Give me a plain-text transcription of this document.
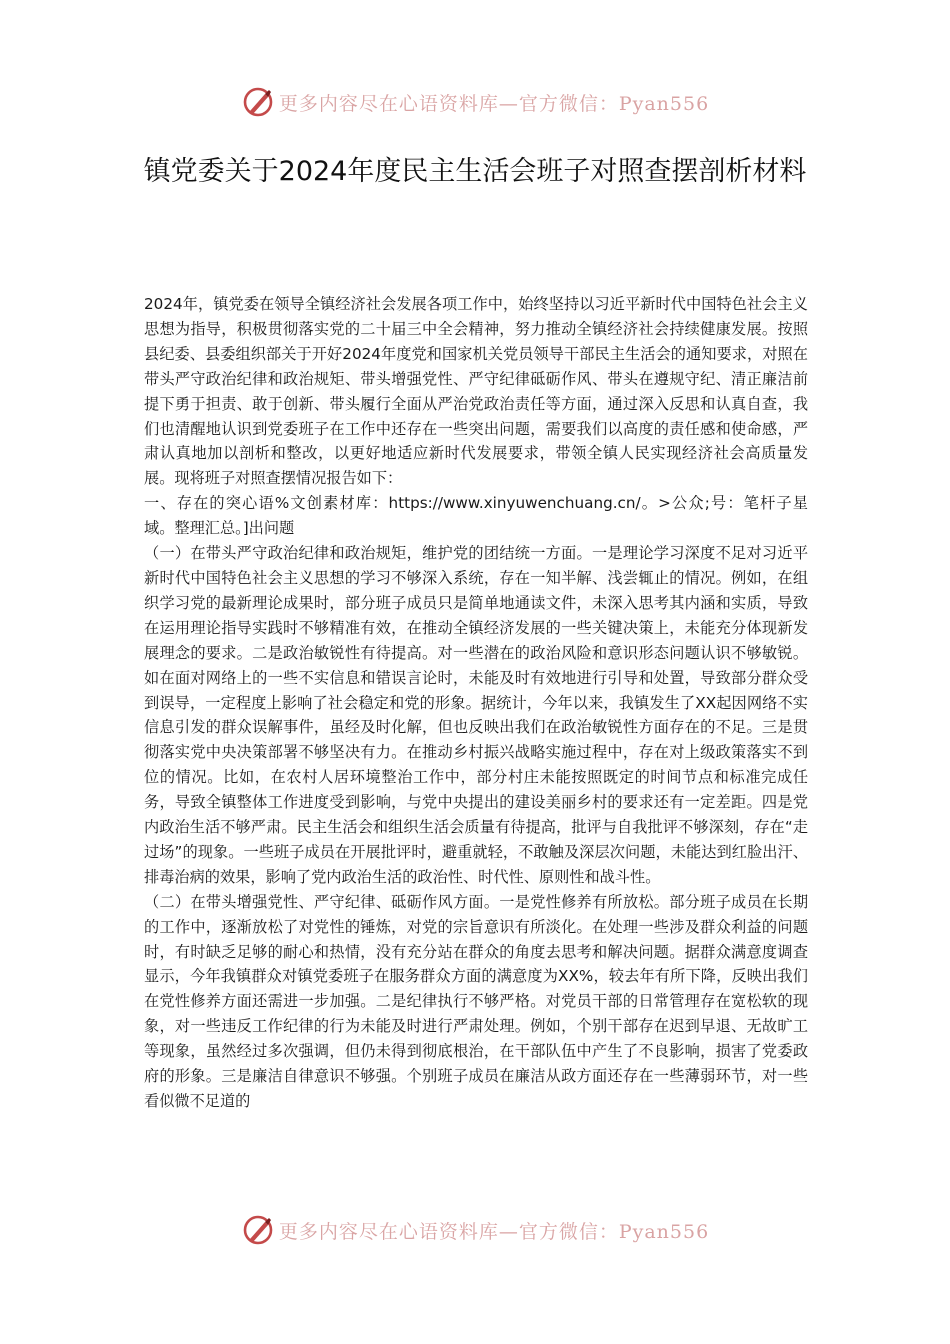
更多内容尽在心语资料库—官方微信：Pyan556
镇党委关于2024年度民主生活会班子对照查摆剖析材料

2024年，镇党委在领导全镇经济社会发展各项工作中，始终坚持以习近平新时代中国特色社会主义思想为指导，积极贯彻落实党的二十届三中全会精神，努力推动全镇经济社会持续健康发展。按照县纪委、县委组织部关于开好2024年度党和国家机关党员领导干部民主生活会的通知要求，对照在带头严守政治纪律和政治规矩、带头增强党性、严守纪律砥砺作风、带头在遵规守纪、清正廉洁前提下勇于担责、敢于创新、带头履行全面从严治党政治责任等方面，通过深入反思和认真自查，我们也清醒地认识到党委班子在工作中还存在一些突出问题，需要我们以高度的责任感和使命感，严肃认真地加以剖析和整改，以更好地适应新时代发展要求，带领全镇人民实现经济社会高质量发展。现将班子对照查摆情况报告如下：

一、存在的突心语%文创素材库：https://www.xinyuwenchuang.cn/。>公众;号：笔杆子星域。整理汇总。]出问题

（一）在带头严守政治纪律和政治规矩，维护党的团结统一方面。一是理论学习深度不足对习近平新时代中国特色社会主义思想的学习不够深入系统，存在一知半解、浅尝辄止的情况。例如，在组织学习党的最新理论成果时，部分班子成员只是简单地通读文件，未深入思考其内涵和实质，导致在运用理论指导实践时不够精准有效，在推动全镇经济发展的一些关键决策上，未能充分体现新发展理念的要求。二是政治敏锐性有待提高。对一些潜在的政治风险和意识形态问题认识不够敏锐。如在面对网络上的一些不实信息和错误言论时，未能及时有效地进行引导和处置，导致部分群众受到误导，一定程度上影响了社会稳定和党的形象。据统计，今年以来，我镇发生了XX起因网络不实信息引发的群众误解事件，虽经及时化解，但也反映出我们在政治敏锐性方面存在的不足。三是贯彻落实党中央决策部署不够坚决有力。在推动乡村振兴战略实施过程中，存在对上级政策落实不到位的情况。比如，在农村人居环境整治工作中，部分村庄未能按照既定的时间节点和标准完成任务，导致全镇整体工作进度受到影响，与党中央提出的建设美丽乡村的要求还有一定差距。四是党内政治生活不够严肃。民主生活会和组织生活会质量有待提高，批评与自我批评不够深刻，存在“走过场”的现象。一些班子成员在开展批评时，避重就轻，不敢触及深层次问题，未能达到红脸出汗、排毒治病的效果，影响了党内政治生活的政治性、时代性、原则性和战斗性。

（二）在带头增强党性、严守纪律、砥砺作风方面。一是党性修养有所放松。部分班子成员在长期的工作中，逐渐放松了对党性的锤炼，对党的宗旨意识有所淡化。在处理一些涉及群众利益的问题时，有时缺乏足够的耐心和热情，没有充分站在群众的角度去思考和解决问题。据群众满意度调查显示，今年我镇群众对镇党委班子在服务群众方面的满意度为XX%，较去年有所下降，反映出我们在党性修养方面还需进一步加强。二是纪律执行不够严格。对党员干部的日常管理存在宽松软的现象，对一些违反工作纪律的行为未能及时进行严肃处理。例如，个别干部存在迟到早退、无故旷工等现象，虽然经过多次强调，但仍未得到彻底根治，在干部队伍中产生了不良影响，损害了党委政府的形象。三是廉洁自律意识不够强。个别班子成员在廉洁从政方面还存在一些薄弱环节，对一些看似微不足道的

更多内容尽在心语资料库—官方微信：Pyan556
